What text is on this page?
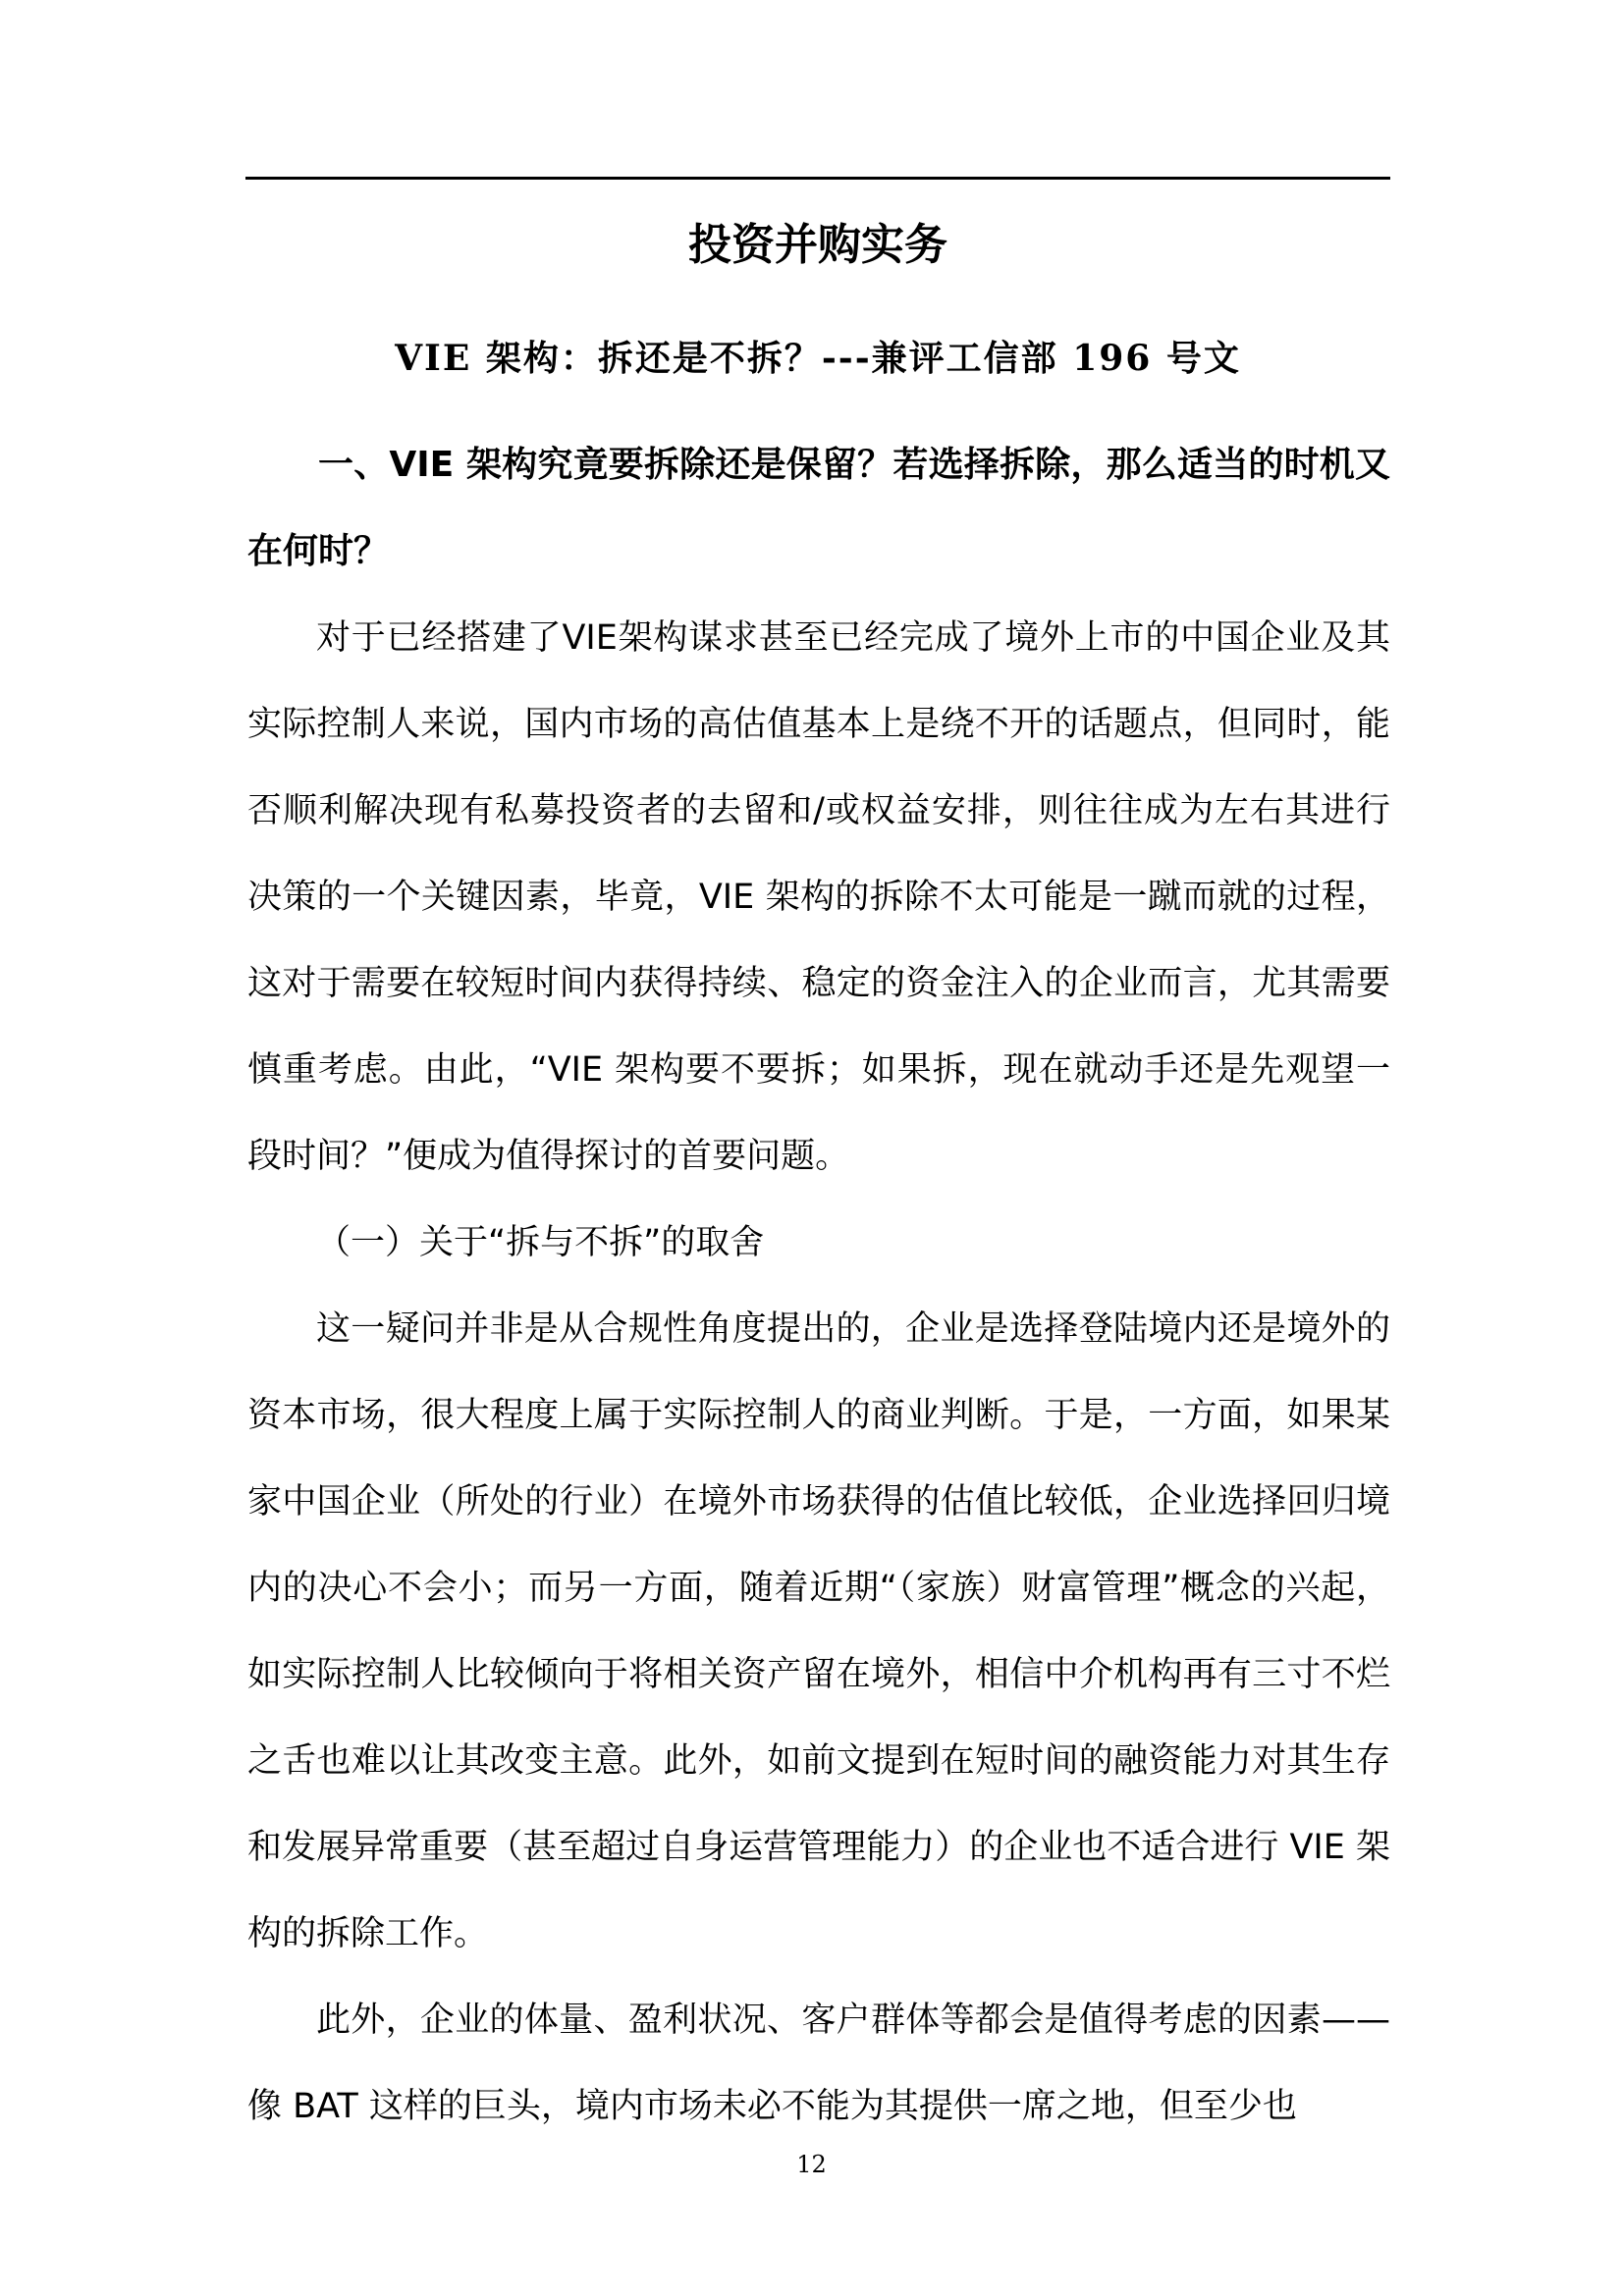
投资并购实务
VIE 架构：拆还是不拆？---兼评工信部 196 号文

一、VIE 架构究竟要拆除还是保留？若选择拆除，那么适当的时机又在何时？

对于已经搭建了VIE架构谋求甚至已经完成了境外上市的中国企业及其实际控制人来说，国内市场的高估值基本上是绕不开的话题点，但同时，能否顺利解决现有私募投资者的去留和/或权益安排，则往往成为左右其进行决策的一个关键因素，毕竟，VIE 架构的拆除不太可能是一蹴而就的过程，这对于需要在较短时间内获得持续、稳定的资金注入的企业而言，尤其需要慎重考虑。由此，“VIE 架构要不要拆；如果拆，现在就动手还是先观望一段时间？”便成为值得探讨的首要问题。

（一）关于“拆与不拆”的取舍

这一疑问并非是从合规性角度提出的，企业是选择登陆境内还是境外的资本市场，很大程度上属于实际控制人的商业判断。于是，一方面，如果某家中国企业（所处的行业）在境外市场获得的估值比较低，企业选择回归境内的决心不会小；而另一方面，随着近期“（家族）财富管理”概念的兴起，如实际控制人比较倾向于将相关资产留在境外，相信中介机构再有三寸不烂之舌也难以让其改变主意。此外，如前文提到在短时间的融资能力对其生存和发展异常重要（甚至超过自身运营管理能力）的企业也不适合进行 VIE 架构的拆除工作。

此外，企业的体量、盈利状况、客户群体等都会是值得考虑的因素——像 BAT 这样的巨头，境内市场未必不能为其提供一席之地，但至少也

12
